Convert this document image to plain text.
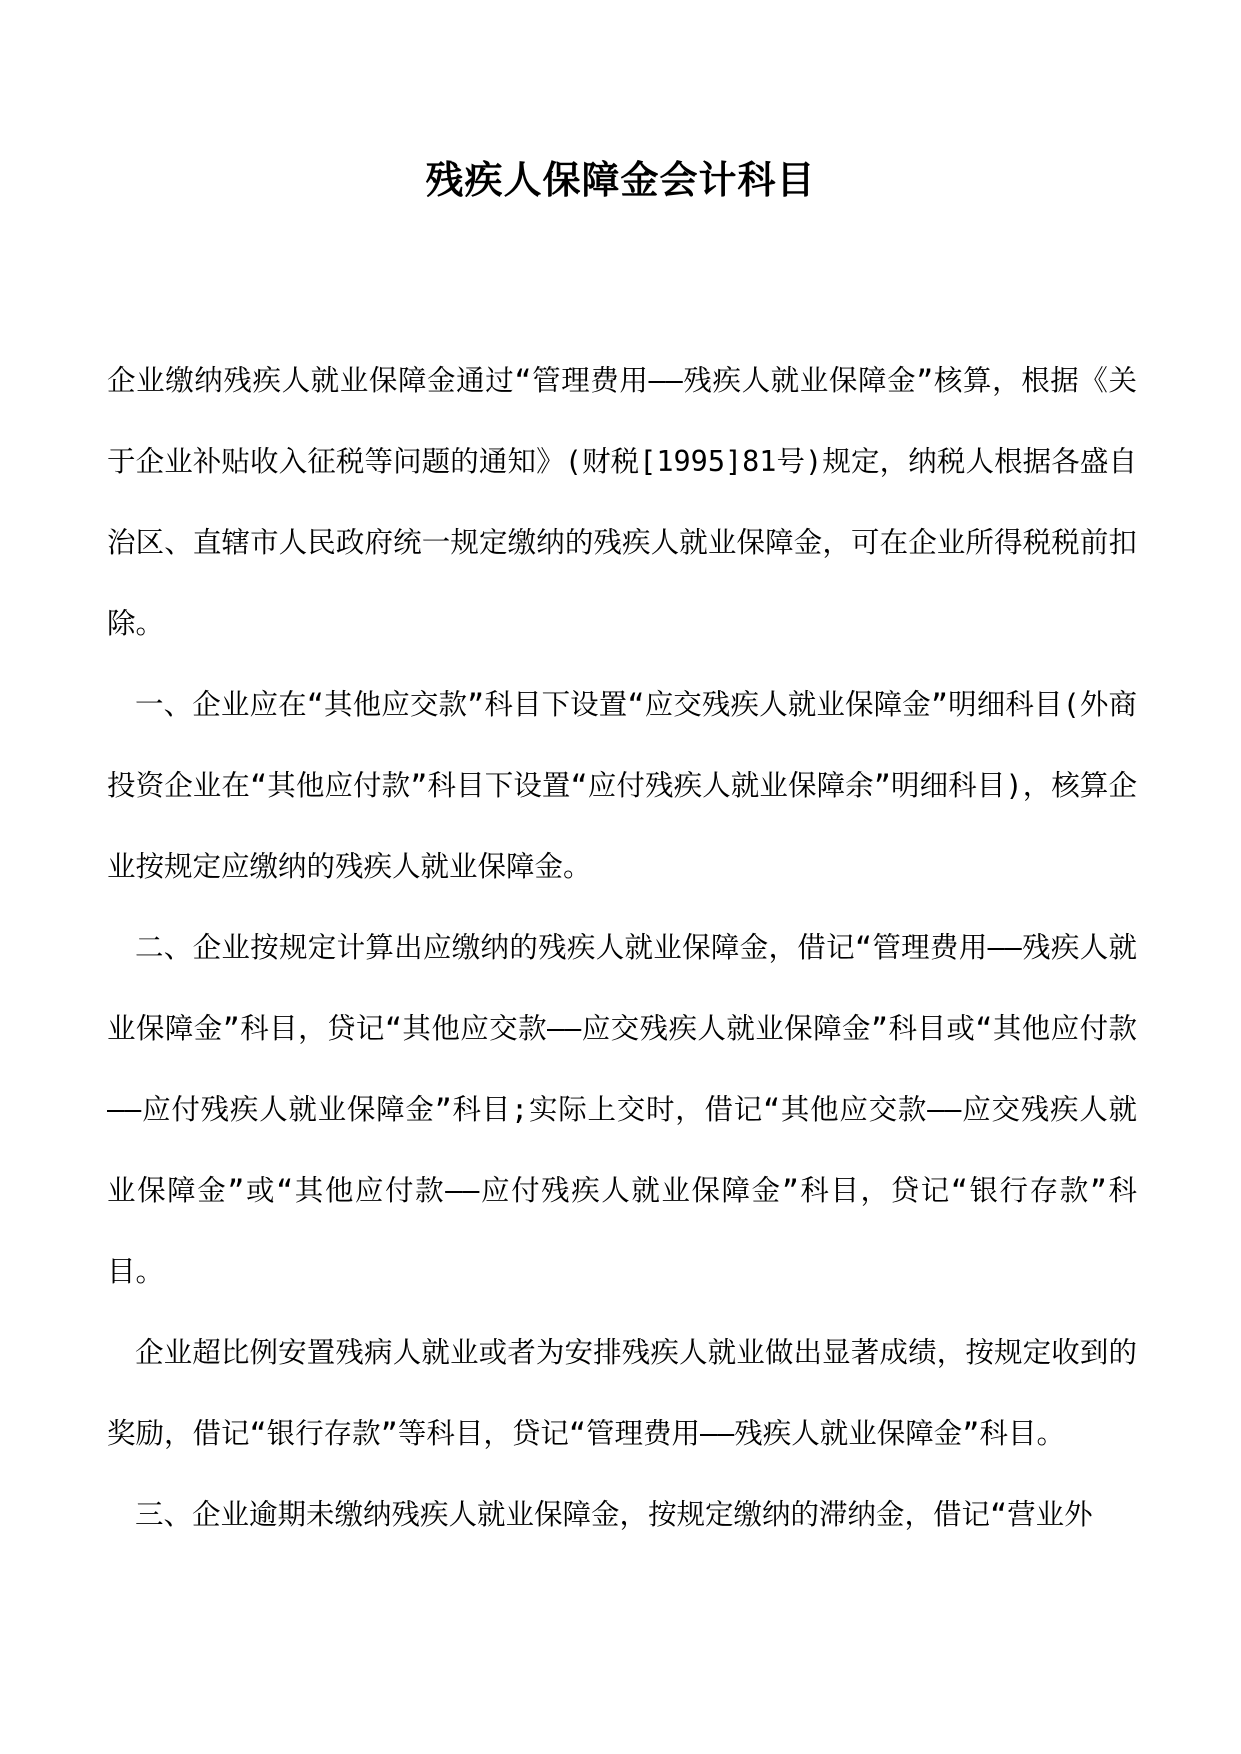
残疾人保障金会计科目

企业缴纳残疾人就业保障金通过“管理费用——残疾人就业保障金”核算，根据《关于企业补贴收入征税等问题的通知》(财税[1995]81号)规定，纳税人根据各盛自治区、直辖市人民政府统一规定缴纳的残疾人就业保障金，可在企业所得税税前扣除。

一、企业应在“其他应交款”科目下设置“应交残疾人就业保障金”明细科目(外商投资企业在“其他应付款”科目下设置“应付残疾人就业保障余”明细科目)，核算企业按规定应缴纳的残疾人就业保障金。

二、企业按规定计算出应缴纳的残疾人就业保障金，借记“管理费用——残疾人就业保障金”科目，贷记“其他应交款——应交残疾人就业保障金”科目或“其他应付款——应付残疾人就业保障金”科目;实际上交时，借记“其他应交款——应交残疾人就业保障金”或“其他应付款——应付残疾人就业保障金”科目，贷记“银行存款”科目。

企业超比例安置残病人就业或者为安排残疾人就业做出显著成绩，按规定收到的奖励，借记“银行存款”等科目，贷记“管理费用——残疾人就业保障金”科目。

三、企业逾期未缴纳残疾人就业保障金，按规定缴纳的滞纳金，借记“营业外
